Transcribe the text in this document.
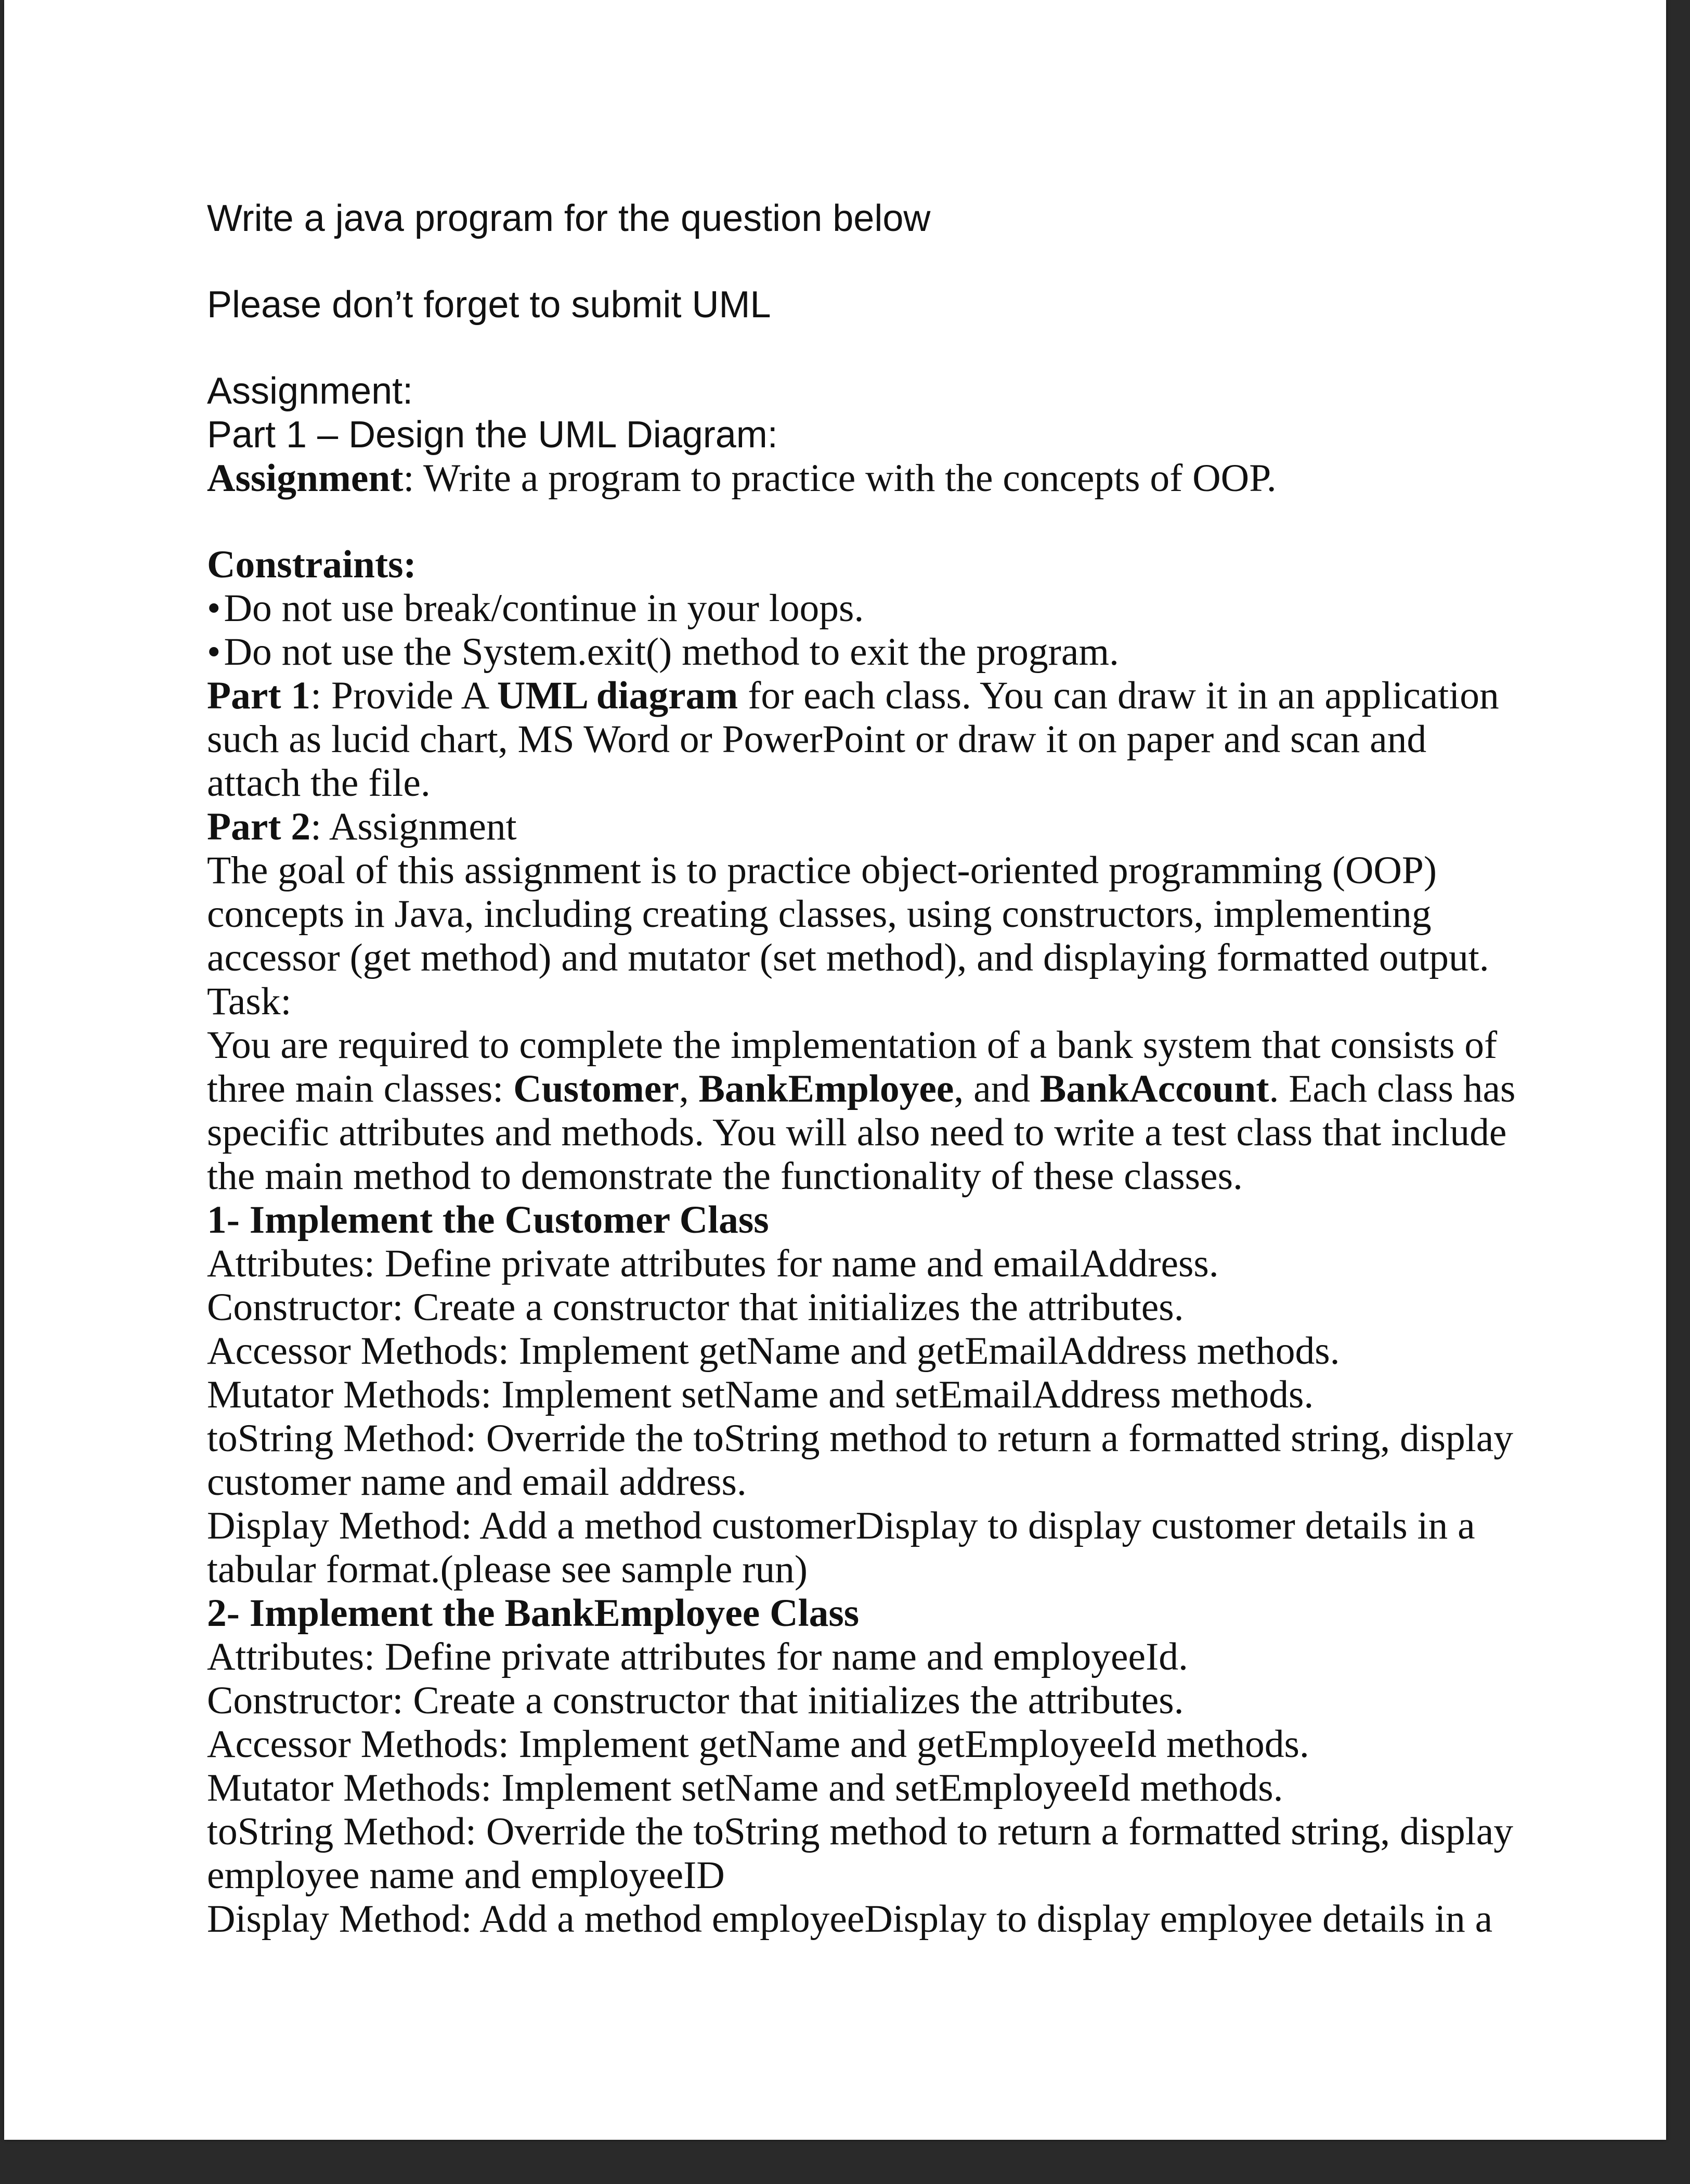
Write a java program for the question below

Please don’t forget to submit UML

Assignment:

Part 1 – Design the UML Diagram:

Assignment: Write a program to practice with the concepts of OOP.

Constraints:

•Do not use break/continue in your loops.

•Do not use the System.exit() method to exit the program.

Part 1: Provide A UML diagram for each class. You can draw it in an application

such as lucid chart, MS Word or PowerPoint or draw it on paper and scan and

attach the file.

Part 2: Assignment

The goal of this assignment is to practice object-oriented programming (OOP)

concepts in Java, including creating classes, using constructors, implementing

accessor (get method) and mutator (set method), and displaying formatted output.

Task:

You are required to complete the implementation of a bank system that consists of

three main classes: Customer, BankEmployee, and BankAccount. Each class has

specific attributes and methods. You will also need to write a test class that include

the main method to demonstrate the functionality of these classes.

1- Implement the Customer Class

Attributes: Define private attributes for name and emailAddress.

Constructor: Create a constructor that initializes the attributes.

Accessor Methods: Implement getName and getEmailAddress methods.

Mutator Methods: Implement setName and setEmailAddress methods.

toString Method: Override the toString method to return a formatted string, display

customer name and email address.

Display Method: Add a method customerDisplay to display customer details in a

tabular format.(please see sample run)

2- Implement the BankEmployee Class

Attributes: Define private attributes for name and employeeId.

Constructor: Create a constructor that initializes the attributes.

Accessor Methods: Implement getName and getEmployeeId methods.

Mutator Methods: Implement setName and setEmployeeId methods.

toString Method: Override the toString method to return a formatted string, display

employee name and employeeID

Display Method: Add a method employeeDisplay to display employee details in a
